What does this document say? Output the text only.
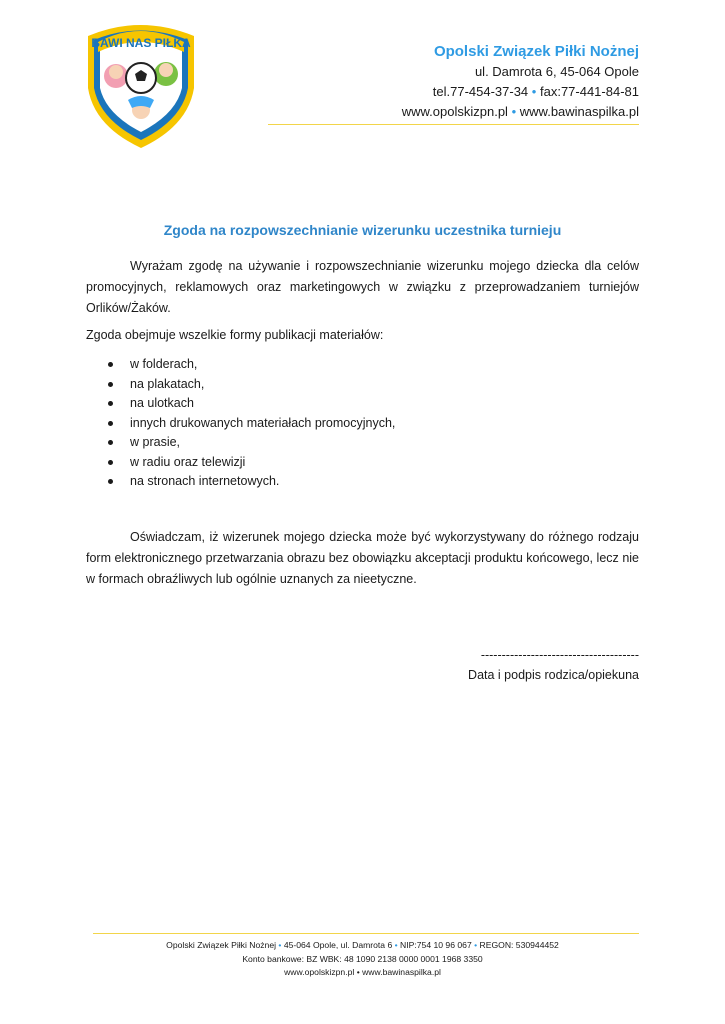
BAWI NAS PIŁKA	Opolski Związek Piłki Nożnej
ul. Damrota 6, 45-064 Opole
tel.77-454-37-34 • fax:77-441-84-81
www.opolskizpn.pl • www.bawinaspilka.pl
Zgoda na rozpowszechnianie wizerunku uczestnika turnieju
Wyrażam zgodę na używanie i rozpowszechnianie wizerunku mojego dziecka dla celów promocyjnych, reklamowych oraz marketingowych w związku z przeprowadzaniem turniejów Orlików/Żaków.
Zgoda obejmuje wszelkie formy publikacji materiałów:
w folderach,
na plakatach,
na ulotkach
innych drukowanych materiałach promocyjnych,
w prasie,
w radiu oraz telewizji
na stronach internetowych.
Oświadczam, iż wizerunek mojego dziecka może być wykorzystywany do różnego rodzaju form elektronicznego przetwarzania obrazu bez obowiązku akceptacji produktu końcowego, lecz nie w formach obraźliwych lub ogólnie uznanych za nieetyczne.
--------------------------------------
Data i podpis rodzica/opiekuna
Opolski Związek Piłki Nożnej • 45-064 Opole, ul. Damrota 6 • NIP:754 10 96 067 • REGON: 530944452
Konto bankowe: BZ WBK: 48 1090 2138 0000 0001 1968 3350
www.opolskizpn.pl • www.bawinaspilka.pl
